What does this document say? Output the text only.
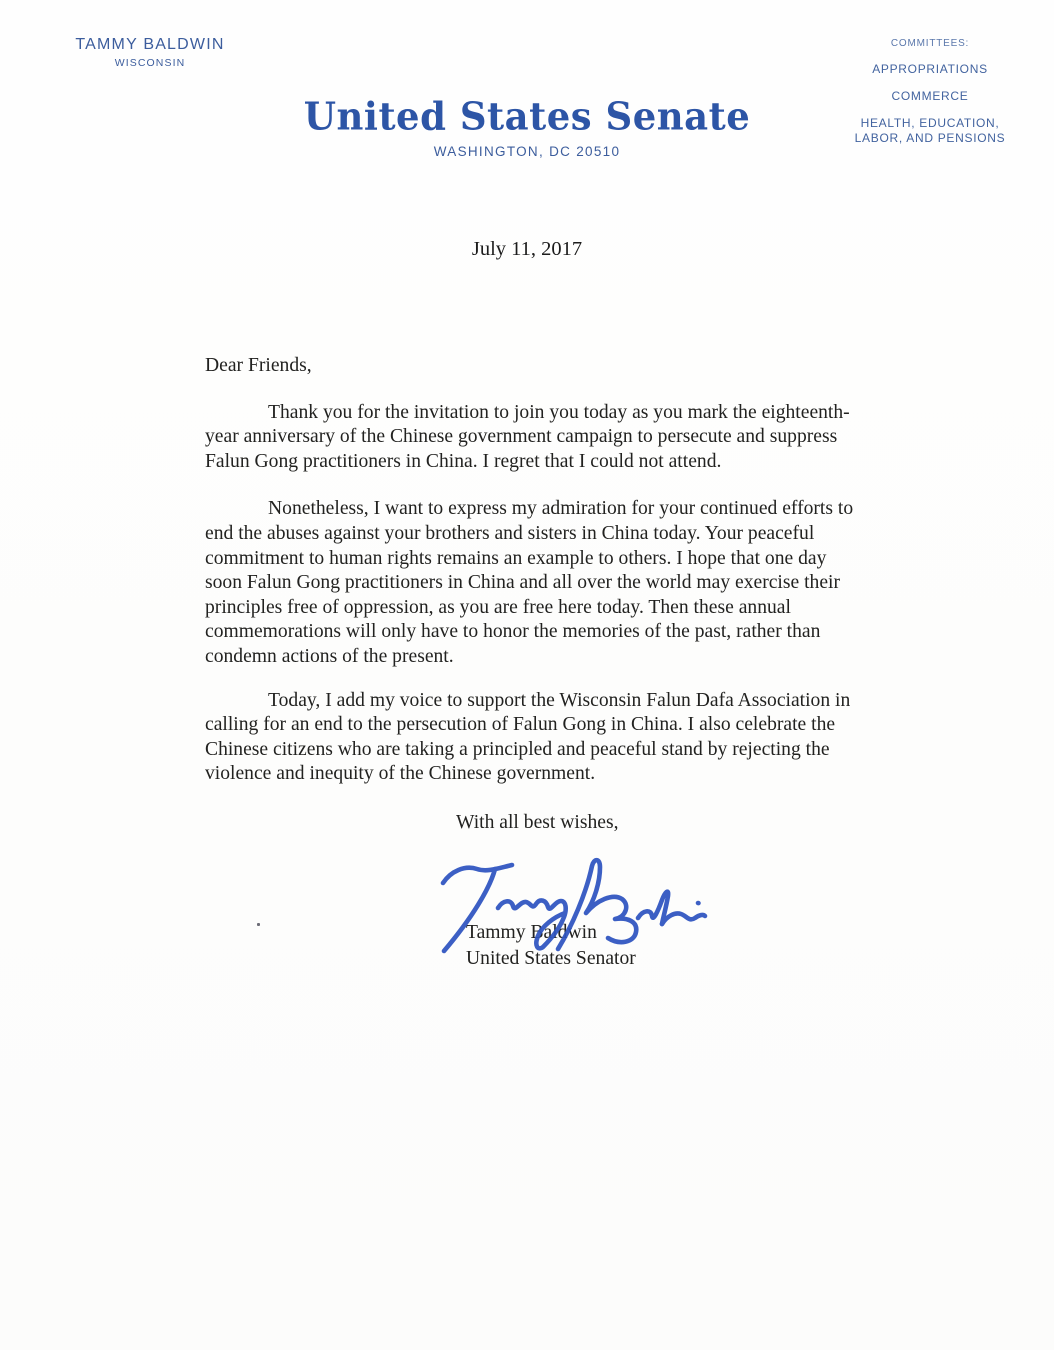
TAMMY BALDWIN
WISCONSIN
United States Senate
WASHINGTON, DC 20510
COMMITTEES:
APPROPRIATIONS
COMMERCE
HEALTH, EDUCATION, LABOR, AND PENSIONS
July 11, 2017
Dear Friends,

Thank you for the invitation to join you today as you mark the eighteenth-year anniversary of the Chinese government campaign to persecute and suppress Falun Gong practitioners in China. I regret that I could not attend.

Nonetheless, I want to express my admiration for your continued efforts to end the abuses against your brothers and sisters in China today. Your peaceful commitment to human rights remains an example to others. I hope that one day soon Falun Gong practitioners in China and all over the world may exercise their principles free of oppression, as you are free here today. Then these annual commemorations will only have to honor the memories of the past, rather than condemn actions of the present.

Today, I add my voice to support the Wisconsin Falun Dafa Association in calling for an end to the persecution of Falun Gong in China. I also celebrate the Chinese citizens who are taking a principled and peaceful stand by rejecting the violence and inequity of the Chinese government.

With all best wishes,
Tammy Baldwin
United States Senator
